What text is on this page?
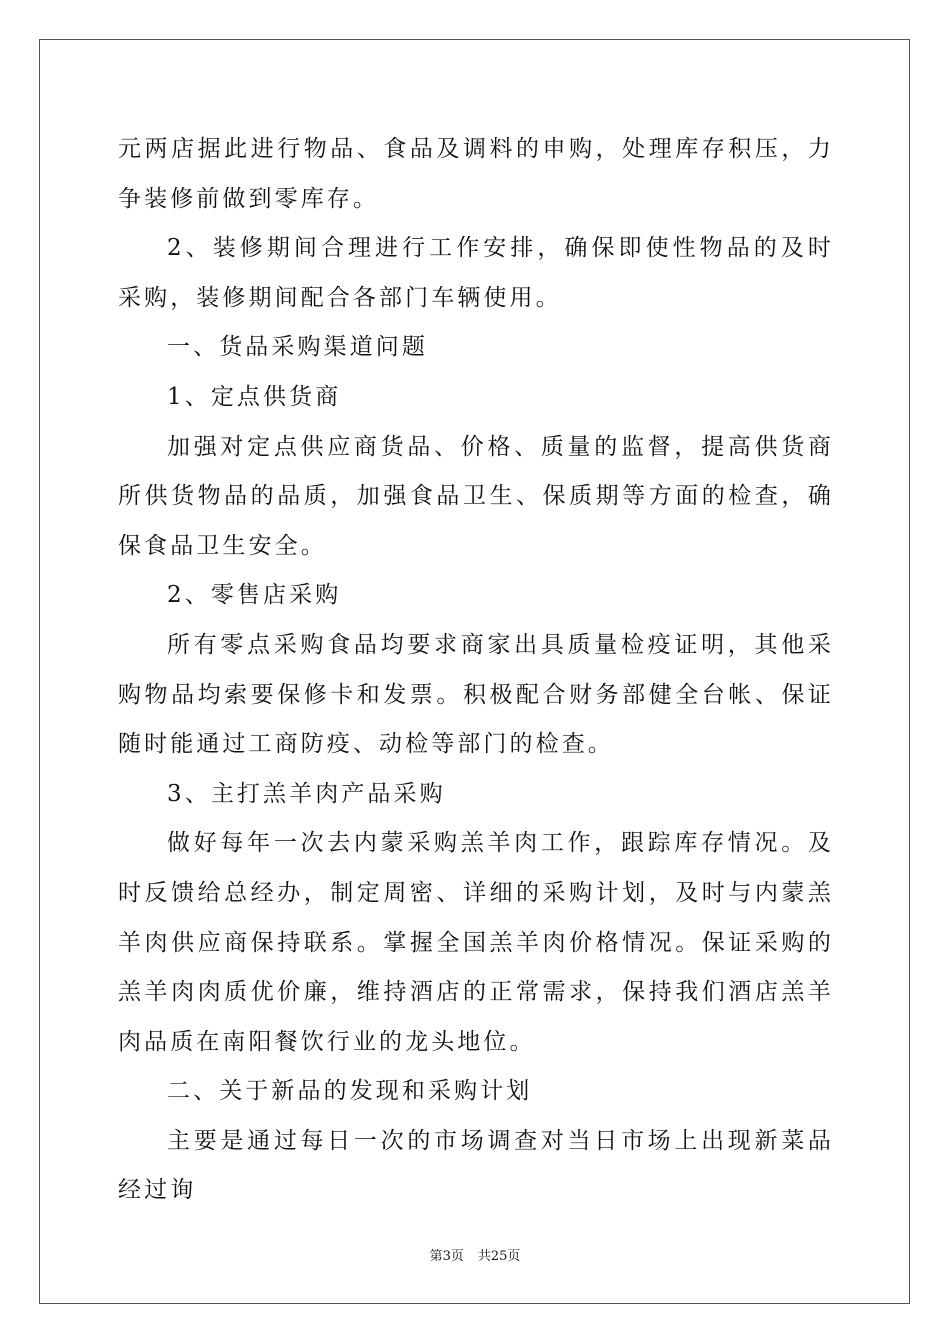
元两店据此进行物品、食品及调料的申购，处理库存积压，力争装修前做到零库存。

2、装修期间合理进行工作安排，确保即使性物品的及时采购，装修期间配合各部门车辆使用。

一、货品采购渠道问题

1、定点供货商

加强对定点供应商货品、价格、质量的监督，提高供货商所供货物品的品质，加强食品卫生、保质期等方面的检查，确保食品卫生安全。

2、零售店采购

所有零点采购食品均要求商家出具质量检疫证明，其他采购物品均索要保修卡和发票。积极配合财务部健全台帐、保证随时能通过工商防疫、动检等部门的检查。

3、主打羔羊肉产品采购

做好每年一次去内蒙采购羔羊肉工作，跟踪库存情况。及时反馈给总经办，制定周密、详细的采购计划，及时与内蒙羔羊肉供应商保持联系。掌握全国羔羊肉价格情况。保证采购的羔羊肉肉质优价廉，维持酒店的正常需求，保持我们酒店羔羊肉品质在南阳餐饮行业的龙头地位。

二、关于新品的发现和采购计划

主要是通过每日一次的市场调查对当日市场上出现新菜品经过询

第3页 共25页
